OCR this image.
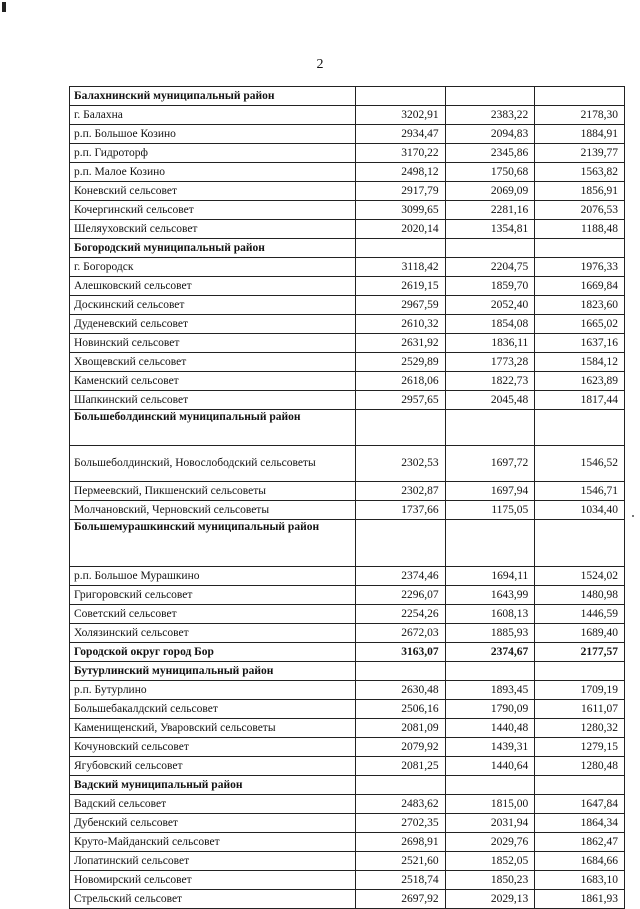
2
Балахнинский муниципальный район			
г. Балахна	3202,91	2383,22	2178,30
р.п. Большое Козино	2934,47	2094,83	1884,91
р.п. Гидроторф	3170,22	2345,86	2139,77
р.п. Малое Козино	2498,12	1750,68	1563,82
Коневский сельсовет	2917,79	2069,09	1856,91
Кочергинский сельсовет	3099,65	2281,16	2076,53
Шеляуховский сельсовет	2020,14	1354,81	1188,48
Богородский муниципальный район			
г. Богородск	3118,42	2204,75	1976,33
Алешковский сельсовет	2619,15	1859,70	1669,84
Доскинский сельсовет	2967,59	2052,40	1823,60
Дуденевский сельсовет	2610,32	1854,08	1665,02
Новинский сельсовет	2631,92	1836,11	1637,16
Хвощевский сельсовет	2529,89	1773,28	1584,12
Каменский сельсовет	2618,06	1822,73	1623,89
Шапкинский сельсовет	2957,65	2045,48	1817,44
Большеболдинский муниципальный район			
Большеболдинский, Новослободский сельсоветы	2302,53	1697,72	1546,52
Пермеевский, Пикшенский сельсоветы	2302,87	1697,94	1546,71
Молчановский, Черновский сельсоветы	1737,66	1175,05	1034,40
Большемурашкинский муниципальный район			
р.п. Большое Мурашкино	2374,46	1694,11	1524,02
Григоровский сельсовет	2296,07	1643,99	1480,98
Советский сельсовет	2254,26	1608,13	1446,59
Холязинский сельсовет	2672,03	1885,93	1689,40
Городской округ город Бор	3163,07	2374,67	2177,57
Бутурлинский муниципальный район			
р.п. Бутурлино	2630,48	1893,45	1709,19
Большебакалдский сельсовет	2506,16	1790,09	1611,07
Каменищенский, Уваровский сельсоветы	2081,09	1440,48	1280,32
Кочуновский сельсовет	2079,92	1439,31	1279,15
Ягубовский сельсовет	2081,25	1440,64	1280,48
Вадский муниципальный район			
Вадский сельсовет	2483,62	1815,00	1647,84
Дубенский сельсовет	2702,35	2031,94	1864,34
Круто-Майданский сельсовет	2698,91	2029,76	1862,47
Лопатинский сельсовет	2521,60	1852,05	1684,66
Новомирский сельсовет	2518,74	1850,23	1683,10
Стрельский сельсовет	2697,92	2029,13	1861,93
